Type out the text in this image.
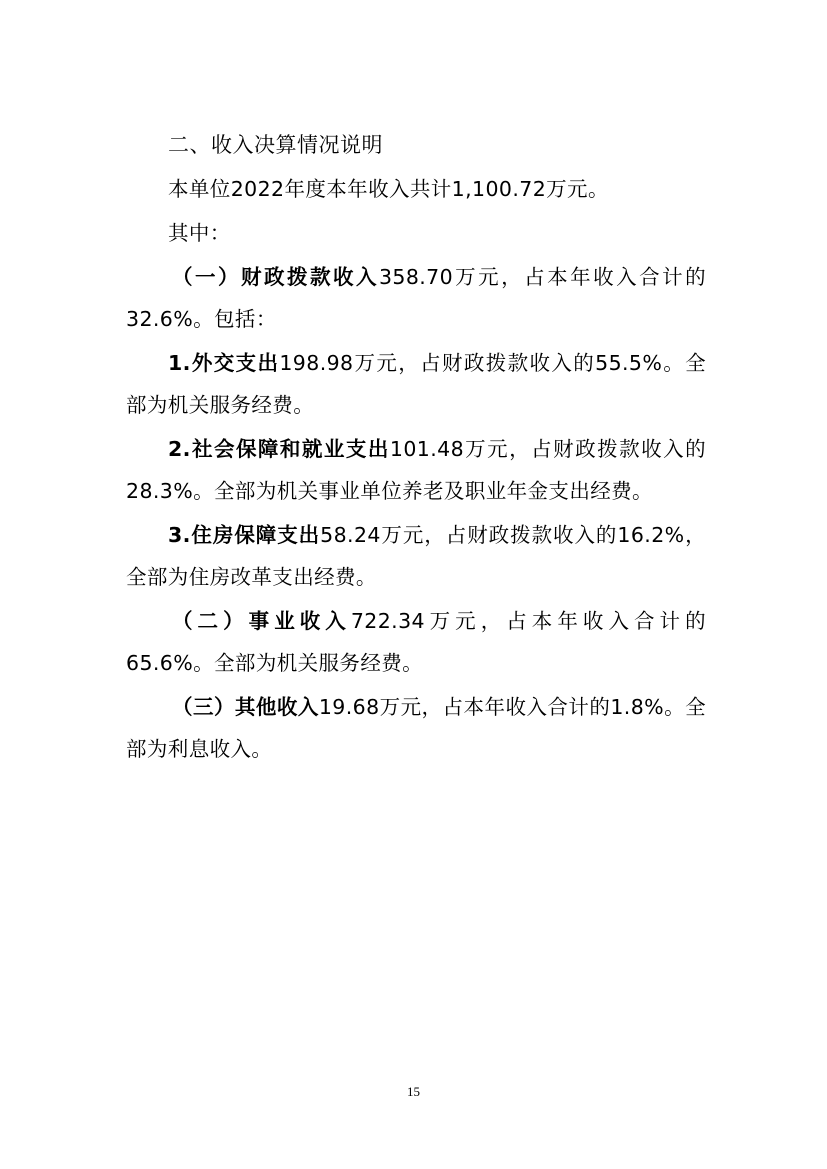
二、收入决算情况说明

本单位2022年度本年收入共计1,100.72万元。

其中：

（一）财政拨款收入358.70万元，占本年收入合计的32.6%。包括：

1.外交支出198.98万元，占财政拨款收入的55.5%。全部为机关服务经费。

2.社会保障和就业支出101.48万元，占财政拨款收入的28.3%。全部为机关事业单位养老及职业年金支出经费。

3.住房保障支出58.24万元，占财政拨款收入的16.2%，全部为住房改革支出经费。

（二）事业收入722.34万元，占本年收入合计的65.6%。全部为机关服务经费。

（三）其他收入19.68万元，占本年收入合计的1.8%。全部为利息收入。

15
